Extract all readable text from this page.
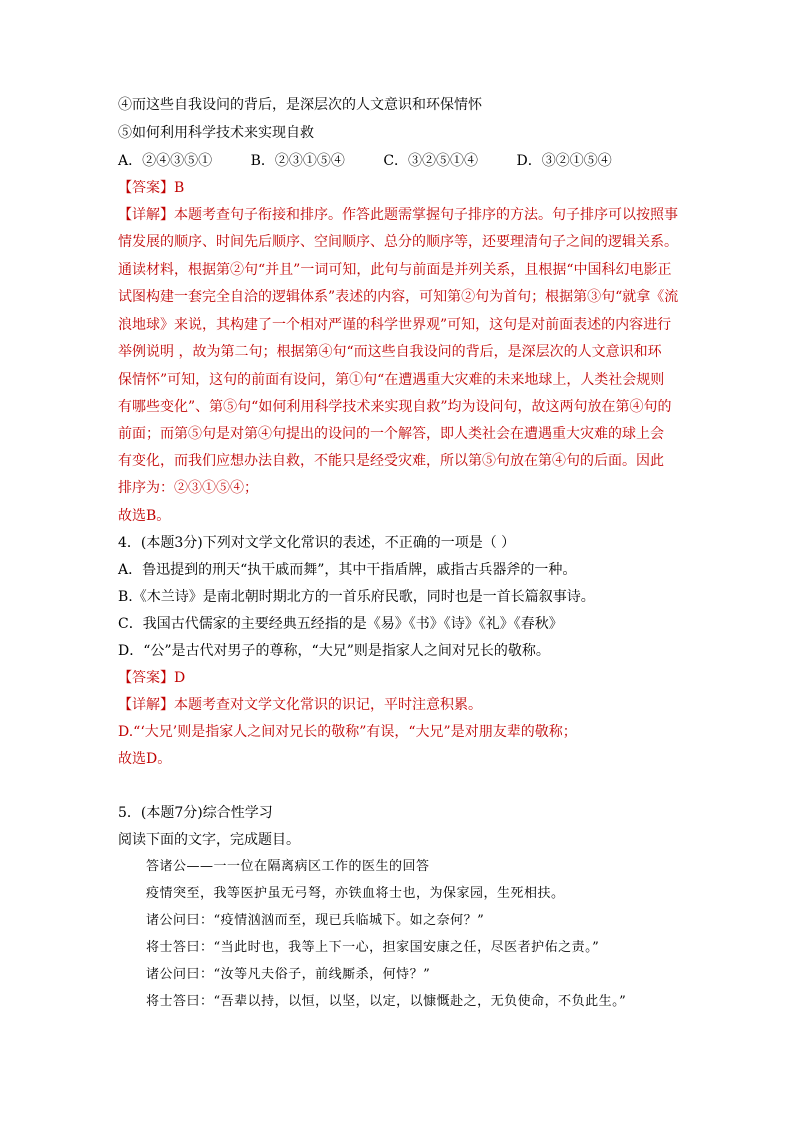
④而这些自我设问的背后，是深层次的人文意识和环保情怀
⑤如何利用科学技术来实现自救
A．②④③⑤①	B．②③①⑤④	C．③②⑤①④	D．③②①⑤④
【答案】B
【详解】本题考查句子衔接和排序。作答此题需掌握句子排序的方法。句子排序可以按照事
情发展的顺序、时间先后顺序、空间顺序、总分的顺序等，还要理清句子之间的逻辑关系。
通读材料，根据第②句“并且”一词可知，此句与前面是并列关系，且根据“中国科幻电影正
试图构建一套完全自洽的逻辑体系”表述的内容，可知第②句为首句；根据第③句“就拿《流
浪地球》来说，其构建了一个相对严谨的科学世界观”可知，这句是对前面表述的内容进行
举例说明 ，故为第二句；根据第④句“而这些自我设问的背后，是深层次的人文意识和环
保情怀”可知，这句的前面有设问，第①句“在遭遇重大灾难的未来地球上，人类社会规则
有哪些变化”、第⑤句“如何利用科学技术来实现自救”均为设问句，故这两句放在第④句的
前面；而第⑤句是对第④句提出的设问的一个解答，即人类社会在遭遇重大灾难的球上会
有变化，而我们应想办法自救，不能只是经受灾难，所以第⑤句放在第④句的后面。因此
排序为：②③①⑤④；
故选B。
4．(本题3分)下列对文学文化常识的表述，不正确的一项是（ ）
A．鲁迅提到的刑天“执干戚而舞”，其中干指盾牌，戚指古兵器斧的一种。
B.《木兰诗》是南北朝时期北方的一首乐府民歌，同时也是一首长篇叙事诗。
C．我国古代儒家的主要经典五经指的是《易》《书》《诗》《礼》《春秋》
D．“公”是古代对男子的尊称，“大兄”则是指家人之间对兄长的敬称。
【答案】D
【详解】本题考查对文学文化常识的识记，平时注意积累。
D.“‘大兄’则是指家人之间对兄长的敬称”有误，“大兄”是对朋友辈的敬称；
故选D。
5．(本题7分)综合性学习
阅读下面的文字，完成题目。
答诸公——一一位在隔离病区工作的医生的回答
疫情突至，我等医护虽无弓弩，亦铁血将士也，为保家园，生死相扶。
诸公问曰：“疫情汹汹而至，现已兵临城下。如之奈何？”
将士答曰：“当此时也，我等上下一心，担家国安康之任，尽医者护佑之责。”
诸公问曰：“汝等凡夫俗子，前线厮杀，何恃？”
将士答曰：“吾辈以持，以恒，以坚，以定，以慷慨赴之，无负使命，不负此生。”
